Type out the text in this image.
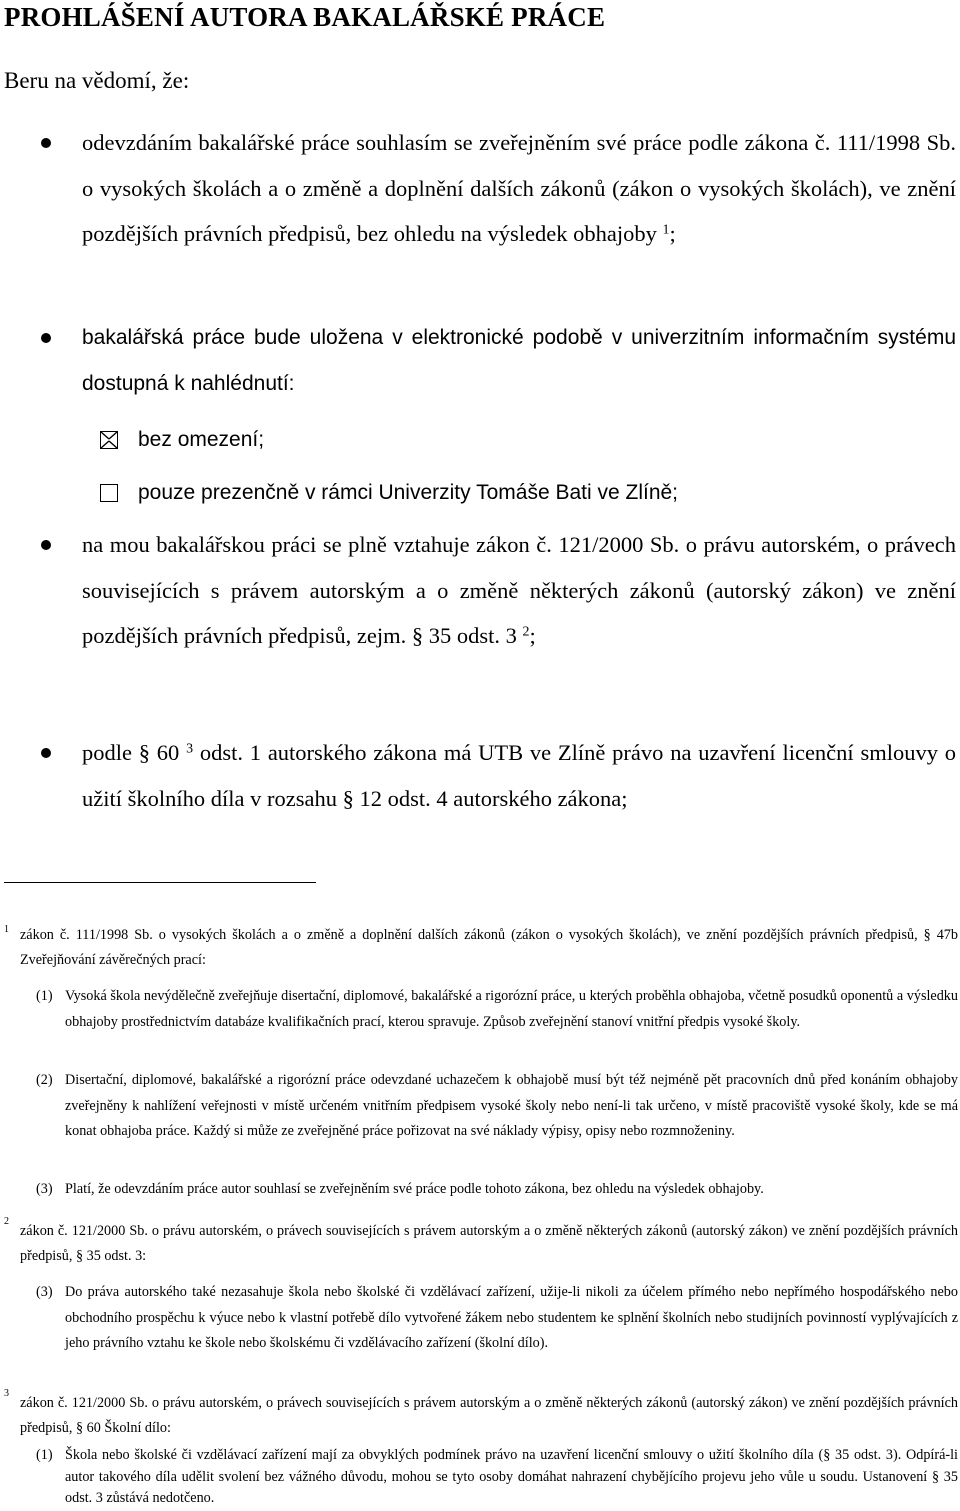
PROHLÁŠENÍ AUTORA BAKALÁŘSKÉ PRÁCE
Beru na vědomí, že:
odevzdáním bakalářské práce souhlasím se zveřejněním své práce podle zákona č. 111/1998 Sb. o vysokých školách a o změně a doplnění dalších zákonů (zákon o vysokých školách), ve znění pozdějších právních předpisů, bez ohledu na výsledek obhajoby $^1$;
bakalářská práce bude uložena v elektronické podobě v univerzitním informačním systému dostupná k nahlédnutí:
bez omezení;
pouze prezenčně v rámci Univerzity Tomáše Bati ve Zlíně;
na mou bakalářskou práci se plně vztahuje zákon č. 121/2000 Sb. o právu autorském, o právech souvisejících s právem autorským a o změně některých zákonů (autorský zákon) ve znění pozdějších právních předpisů, zejm. § 35 odst. 3 $^2$;
podle § 60 $^3$ odst. 1 autorského zákona má UTB ve Zlíně právo na uzavření licenční smlouvy o užití školního díla v rozsahu § 12 odst. 4 autorského zákona;
1 zákon č. 111/1998 Sb. o vysokých školách a o změně a doplnění dalších zákonů (zákon o vysokých školách), ve znění pozdějších právních předpisů, § 47b Zveřejňování závěrečných prací:
(1) Vysoká škola nevýdělečně zveřejňuje disertační, diplomové, bakalářské a rigorózní práce, u kterých proběhla obhajoba, včetně posudků oponentů a výsledku obhajoby prostřednictvím databáze kvalifikačních prací, kterou spravuje. Způsob zveřejnění stanoví vnitřní předpis vysoké školy.
(2) Disertační, diplomové, bakalářské a rigorózní práce odevzdané uchazečem k obhajobě musí být též nejméně pět pracovních dnů před konáním obhajoby zveřejněny k nahlížení veřejnosti v místě určeném vnitřním předpisem vysoké školy nebo není-li tak určeno, v místě pracoviště vysoké školy, kde se má konat obhajoba práce. Každý si může ze zveřejněné práce pořizovat na své náklady výpisy, opisy nebo rozmnoženiny.
(3) Platí, že odevzdáním práce autor souhlasí se zveřejněním své práce podle tohoto zákona, bez ohledu na výsledek obhajoby.
2
zákon č. 121/2000 Sb. o právu autorském, o právech souvisejících s právem autorským a o změně některých zákonů (autorský zákon) ve znění pozdějších právních předpisů, § 35 odst. 3:
(3) Do práva autorského také nezasahuje škola nebo školské či vzdělávací zařízení, užije-li nikoli za účelem přímého nebo nepřímého hospodářského nebo obchodního prospěchu k výuce nebo k vlastní potřebě dílo vytvořené žákem nebo studentem ke splnění školních nebo studijních povinností vyplývajících z jeho právního vztahu ke škole nebo školskému či vzdělávacího zařízení (školní dílo).
3
zákon č. 121/2000 Sb. o právu autorském, o právech souvisejících s právem autorským a o změně některých zákonů (autorský zákon) ve znění pozdějších právních předpisů, § 60 Školní dílo:
(1) Škola nebo školské či vzdělávací zařízení mají za obvyklých podmínek právo na uzavření licenční smlouvy o užití školního díla (§ 35 odst. 3). Odpírá-li autor takového díla udělit svolení bez vážného důvodu, mohou se tyto osoby domáhat nahrazení chybějícího projevu jeho vůle u soudu. Ustanovení § 35 odst. 3 zůstává nedotčeno.
